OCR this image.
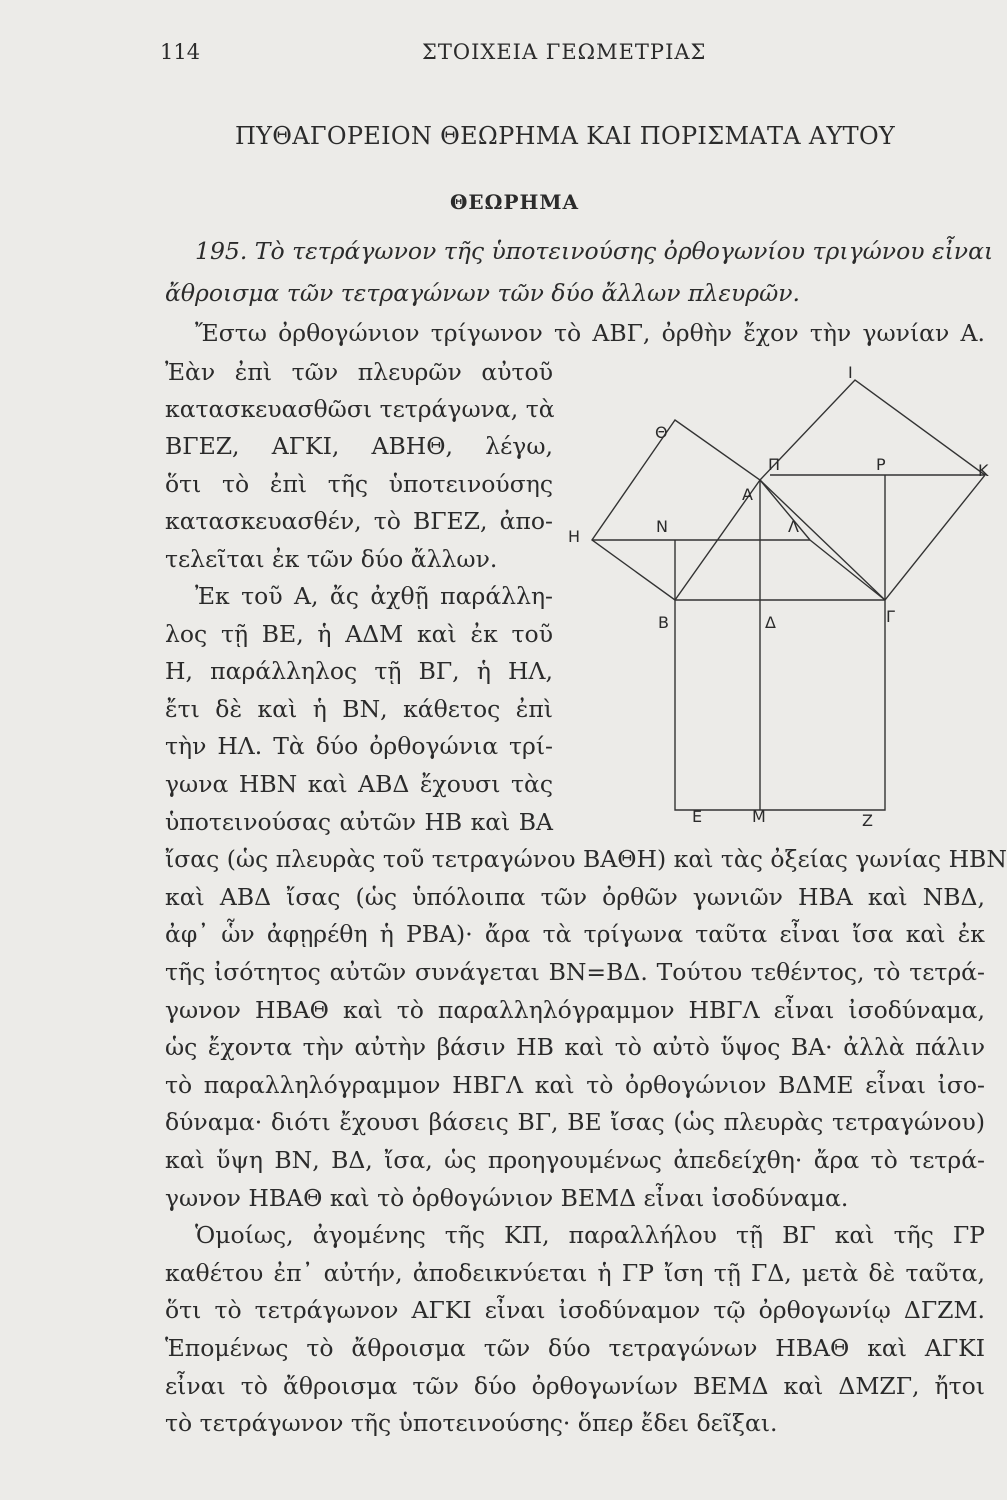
114	ΣΤΟΙΧΕΙΑ ΓΕΩΜΕΤΡΙΑΣ
ΠΥΘΑΓΟΡΕΙΟΝ ΘΕΩΡΗΜΑ ΚΑΙ ΠΟΡΙΣΜΑΤΑ ΑΥΤΟΥ
ΘΕΩΡΗΜΑ
195. Τὸ τετράγωνον τῆς ὑποτεινούσης ὀρθογωνίου τριγώνου εἶναι
ἄθροισμα τῶν τετραγώνων τῶν δύο ἄλλων πλευρῶν.
Ἔστω ὀρθογώνιον τρίγωνον τὸ ΑΒΓ, ὀρθὴν ἔχον τὴν γωνίαν Α.
Ἐὰν ἐπὶ τῶν πλευρῶν αὐτοῦ
κατασκευασθῶσι τετράγωνα, τὰ
ΒΓΕΖ, ΑΓΚΙ, ΑΒΗΘ, λέγω,
ὅτι τὸ ἐπὶ τῆς ὑποτεινούσης
κατασκευασθέν, τὸ ΒΓΕΖ, ἀπο-
τελεῖται ἐκ τῶν δύο ἄλλων.
Ἐκ τοῦ Α, ἄς ἀχθῇ παράλλη-
λος τῇ ΒΕ, ἡ ΑΔΜ καὶ ἐκ τοῦ
Η, παράλληλος τῇ ΒΓ, ἡ ΗΛ,
ἔτι δὲ καὶ ἡ ΒΝ, κάθετος ἐπὶ
τὴν ΗΛ. Τὰ δύο ὀρθογώνια τρί-
γωνα ΗΒΝ καὶ ΑΒΔ ἔχουσι τὰς
ὑποτεινούσας αὐτῶν ΗΒ καὶ ΒΑ
ἴσας (ὡς πλευρὰς τοῦ τετραγώνου ΒΑΘΗ) καὶ τὰς ὀξείας γωνίας ΗΒΝ
καὶ ΑΒΔ ἴσας (ὡς ὑπόλοιπα τῶν ὀρθῶν γωνιῶν ΗΒΑ καὶ ΝΒΔ,
ἀφ᾽ ὧν ἀφῃρέθη ἡ ΡΒΑ)· ἄρα τὰ τρίγωνα ταῦτα εἶναι ἴσα καὶ ἐκ
τῆς ἰσότητος αὐτῶν συνάγεται ΒΝ=ΒΔ. Τούτου τεθέντος, τὸ τετρά-
γωνον ΗΒΑΘ καὶ τὸ παραλληλόγραμμον ΗΒΓΛ εἶναι ἰσοδύναμα,
ὡς ἔχοντα τὴν αὐτὴν βάσιν ΗΒ καὶ τὸ αὐτὸ ὕψος ΒΑ· ἀλλὰ πάλιν
τὸ παραλληλόγραμμον ΗΒΓΛ καὶ τὸ ὀρθογώνιον ΒΔΜΕ εἶναι ἰσο-
δύναμα· διότι ἔχουσι βάσεις ΒΓ, ΒΕ ἴσας (ὡς πλευρὰς τετραγώνου)
καὶ ὕψη ΒΝ, ΒΔ, ἴσα, ὡς προηγουμένως ἀπεδείχθη· ἄρα τὸ τετρά-
γωνον ΗΒΑΘ καὶ τὸ ὀρθογώνιον ΒΕΜΔ εἶναι ἰσοδύναμα.
Ὁμοίως, ἀγομένης τῆς ΚΠ, παραλλήλου τῇ ΒΓ καὶ τῆς ΓΡ
καθέτου ἐπ᾽ αὐτήν, ἀποδεικνύεται ἡ ΓΡ ἴση τῇ ΓΔ, μετὰ δὲ ταῦτα,
ὅτι τὸ τετράγωνον ΑΓΚΙ εἶναι ἰσοδύναμον τῷ ὀρθογωνίῳ ΔΓΖΜ.
Ἑπομένως τὸ ἄθροισμα τῶν δύο τετραγώνων ΗΒΑΘ καὶ ΑΓΚΙ
εἶναι τὸ ἄθροισμα τῶν δύο ὀρθογωνίων ΒΕΜΔ καὶ ΔΜΖΓ, ἤτοι
τὸ τετράγωνον τῆς ὑποτεινούσης· ὅπερ ἔδει δεῖξαι.
Ι
Θ
Π	Ρ	Κ
Α
Ν	Λ
Η
Β	Δ	Γ
Ε	Μ	Ζ
